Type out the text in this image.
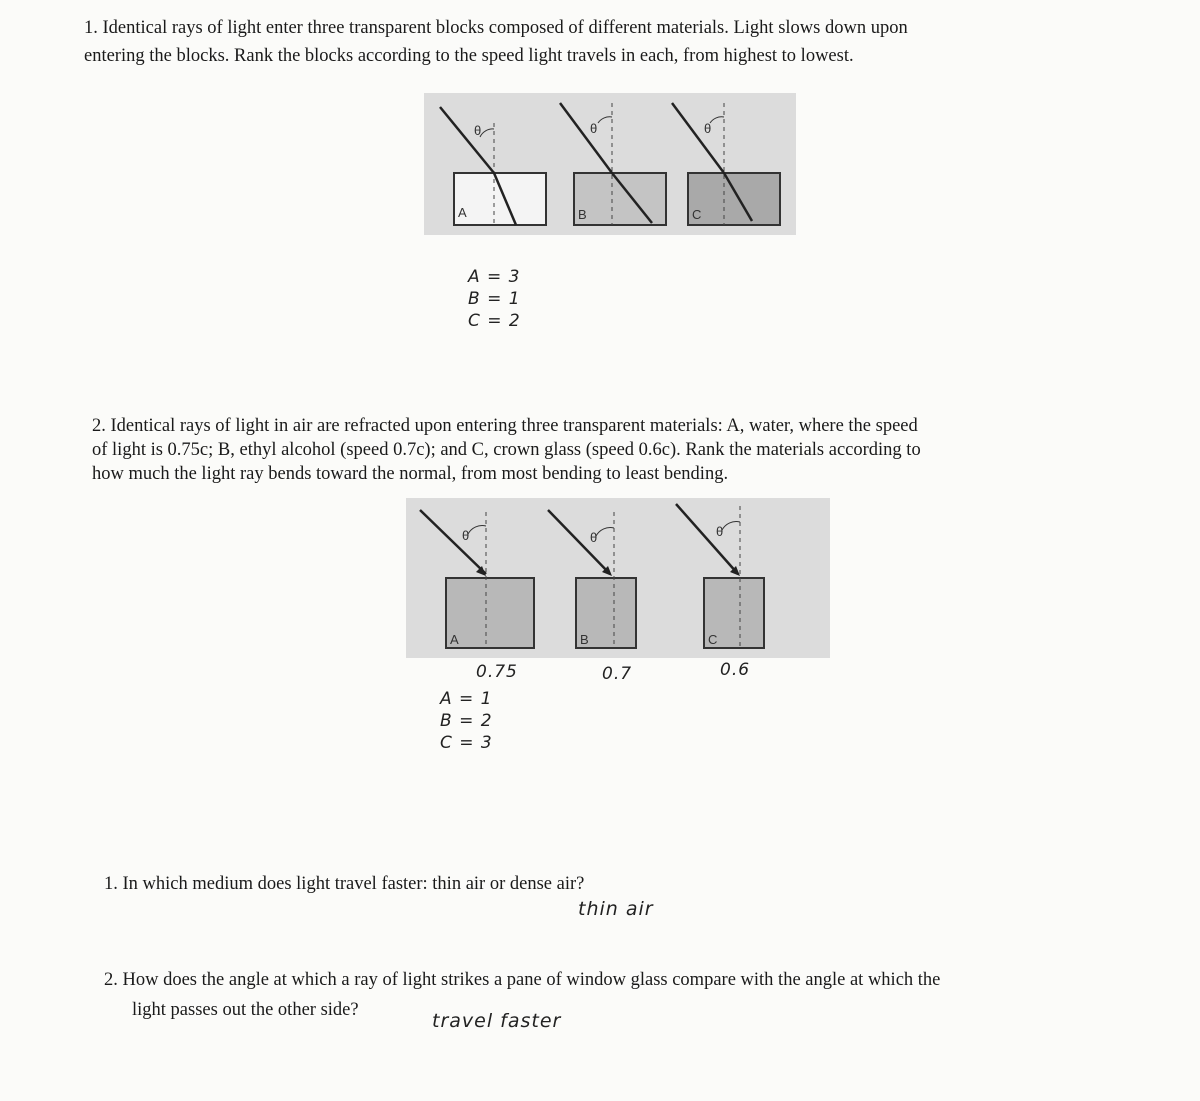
1. Identical rays of light enter three transparent blocks composed of different materials. Light slows down upon

entering the blocks. Rank the blocks according to the speed light travels in each, from highest to lowest.

θ	θ	θ
A	B	C
A = 3
B = 1
C = 2

2. Identical rays of light in air are refracted upon entering three transparent materials: A, water, where the speed

of light is 0.75c; B, ethyl alcohol (speed 0.7c); and C, crown glass (speed 0.6c). Rank the materials according to

how much the light ray bends toward the normal, from most bending to least bending.

θ	θ	θ
A	B	C
0.75	0.7	0.6
A = 1
B = 2
C = 3

1. In which medium does light travel faster: thin air or dense air?

thin air

2. How does the angle at which a ray of light strikes a pane of window glass compare with the angle at which the

light passes out the other side?	travel faster
